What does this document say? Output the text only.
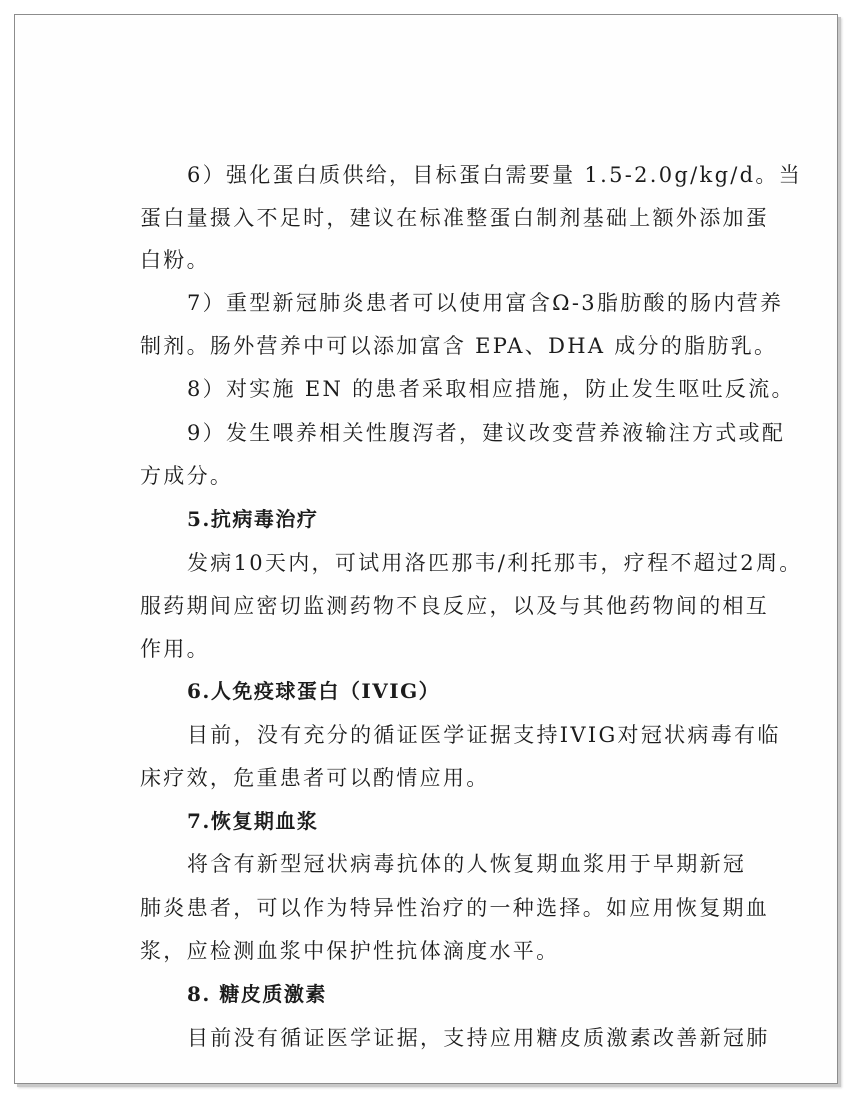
6）强化蛋白质供给，目标蛋白需要量 1.5-2.0g/kg/d。当
蛋白量摄入不足时，建议在标准整蛋白制剂基础上额外添加蛋
白粉。
7）重型新冠肺炎患者可以使用富含Ω-3脂肪酸的肠内营养
制剂。肠外营养中可以添加富含 EPA、DHA 成分的脂肪乳。
8）对实施 EN 的患者采取相应措施，防止发生呕吐反流。
9）发生喂养相关性腹泻者，建议改变营养液输注方式或配
方成分。
5.抗病毒治疗
发病10天内，可试用洛匹那韦/利托那韦，疗程不超过2周。
服药期间应密切监测药物不良反应，以及与其他药物间的相互
作用。
6.人免疫球蛋白（IVIG）
目前，没有充分的循证医学证据支持IVIG对冠状病毒有临
床疗效，危重患者可以酌情应用。
7.恢复期血浆
将含有新型冠状病毒抗体的人恢复期血浆用于早期新冠
肺炎患者，可以作为特异性治疗的一种选择。如应用恢复期血
浆，应检测血浆中保护性抗体滴度水平。
8. 糖皮质激素
目前没有循证医学证据，支持应用糖皮质激素改善新冠肺
